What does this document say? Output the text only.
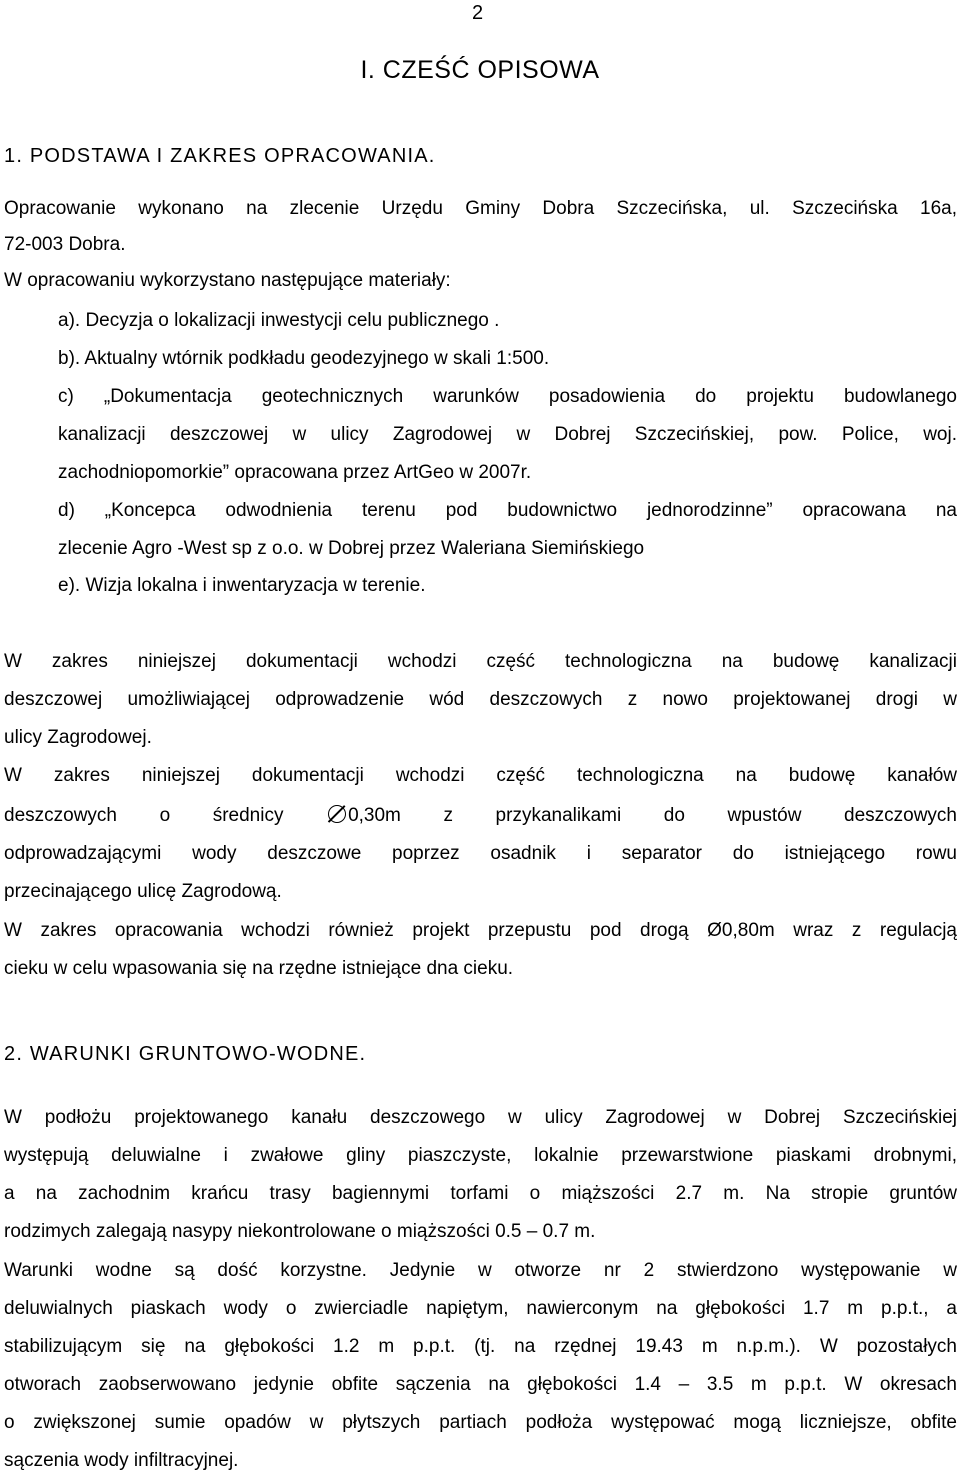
2
I. CZEŚĆ OPISOWA
1. PODSTAWA I ZAKRES OPRACOWANIA.
Opracowanie wykonano na zlecenie Urzędu Gminy Dobra Szczecińska, ul. Szczecińska 16a,
72-003 Dobra.
W opracowaniu wykorzystano następujące materiały:
a). Decyzja o lokalizacji inwestycji celu publicznego .
b). Aktualny wtórnik podkładu geodezyjnego w skali 1:500.
c) „Dokumentacja geotechnicznych warunków posadowienia do projektu budowlanego
kanalizacji deszczowej w ulicy Zagrodowej w Dobrej Szczecińskiej, pow. Police, woj.
zachodniopomorkie” opracowana przez ArtGeo w 2007r.
d) „Koncepca odwodnienia terenu pod budownictwo jednorodzinne” opracowana na
zlecenie Agro -West sp z o.o. w Dobrej przez Waleriana Siemińskiego
e). Wizja lokalna i inwentaryzacja w terenie.
W zakres niniejszej dokumentacji wchodzi część technologiczna na budowę kanalizacji
deszczowej umożliwiającej odprowadzenie wód deszczowych z nowo projektowanej drogi w
ulicy Zagrodowej.
W zakres niniejszej dokumentacji wchodzi część technologiczna na budowę kanałów
deszczowych o średnicy	0,30m z przykanalikami do wpustów deszczowych
odprowadzającymi wody deszczowe poprzez osadnik i separator do istniejącego rowu
przecinającego ulicę Zagrodową.
W zakres opracowania wchodzi również projekt przepustu pod drogą Ø0,80m wraz z regulacją
cieku w celu wpasowania się na rzędne istniejące dna cieku.
2. WARUNKI GRUNTOWO-WODNE.
W podłożu projektowanego kanału deszczowego w ulicy Zagrodowej w Dobrej Szczecińskiej
występują deluwialne i zwałowe gliny piaszczyste, lokalnie przewarstwione piaskami drobnymi,
a na zachodnim krańcu trasy bagiennymi torfami o miąższości 2.7 m. Na stropie gruntów
rodzimych zalegają nasypy niekontrolowane o miąższości 0.5 – 0.7 m.
Warunki wodne są dość korzystne. Jedynie w otworze nr 2 stwierdzono występowanie w
deluwialnych piaskach wody o zwierciadle napiętym, nawierconym na głębokości 1.7 m p.p.t., a
stabilizującym się na głębokości 1.2 m p.p.t. (tj. na rzędnej 19.43 m n.p.m.). W pozostałych
otworach zaobserwowano jedynie obfite sączenia na głębokości 1.4 – 3.5 m p.p.t. W okresach
o zwiększonej sumie opadów w płytszych partiach podłoża występować mogą liczniejsze, obfite
sączenia wody infiltracyjnej.
